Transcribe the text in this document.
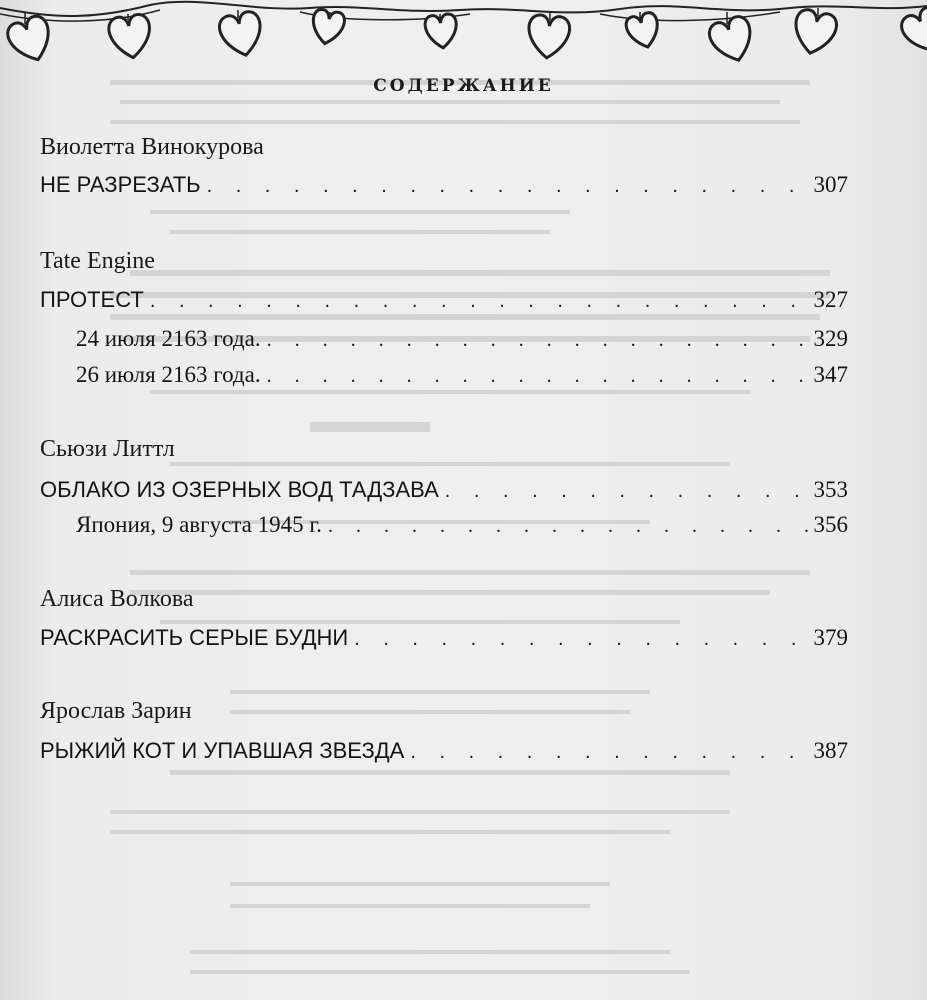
СОДЕРЖАНИЕ
Виолетта Винокурова
НЕ РАЗРЕЗАТЬ . . .	307
Tate Engine
ПРОТЕСТ . . .	327
24 июля 2163 года. . . .	329
26 июля 2163 года. . . .	347
Сьюзи Литтл
ОБЛАКО ИЗ ОЗЕРНЫХ ВОД ТАДЗАВА . . .	353
Япония, 9 августа 1945 г. . . .	356
Алиса Волкова
РАСКРАСИТЬ СЕРЫЕ БУДНИ . . .	379
Ярослав Зарин
РЫЖИЙ КОТ И УПАВШАЯ ЗВЕЗДА . . .	387
